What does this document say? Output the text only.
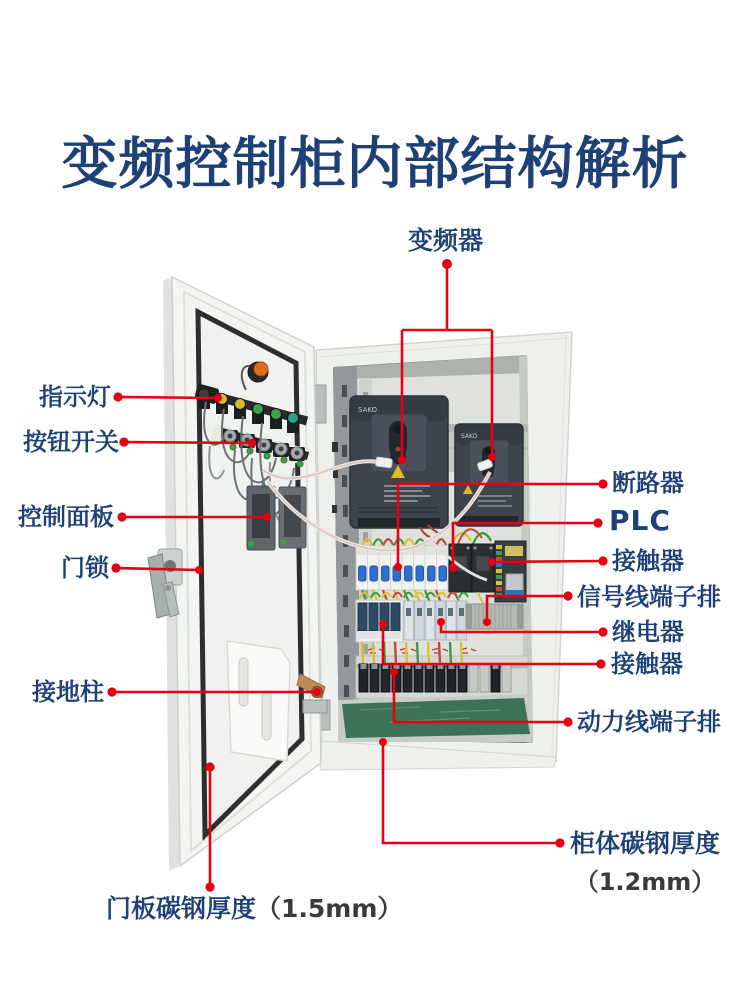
变频控制柜内部结构解析
SAKO
SAKO
变频器
指示灯
按钮开关
控制面板
门锁
接地柱
断路器
PLC
接触器
信号线端子排
继电器
接触器
动力线端子排
柜体碳钢厚度
（1.2mm）
门板碳钢厚度（1.5mm）
